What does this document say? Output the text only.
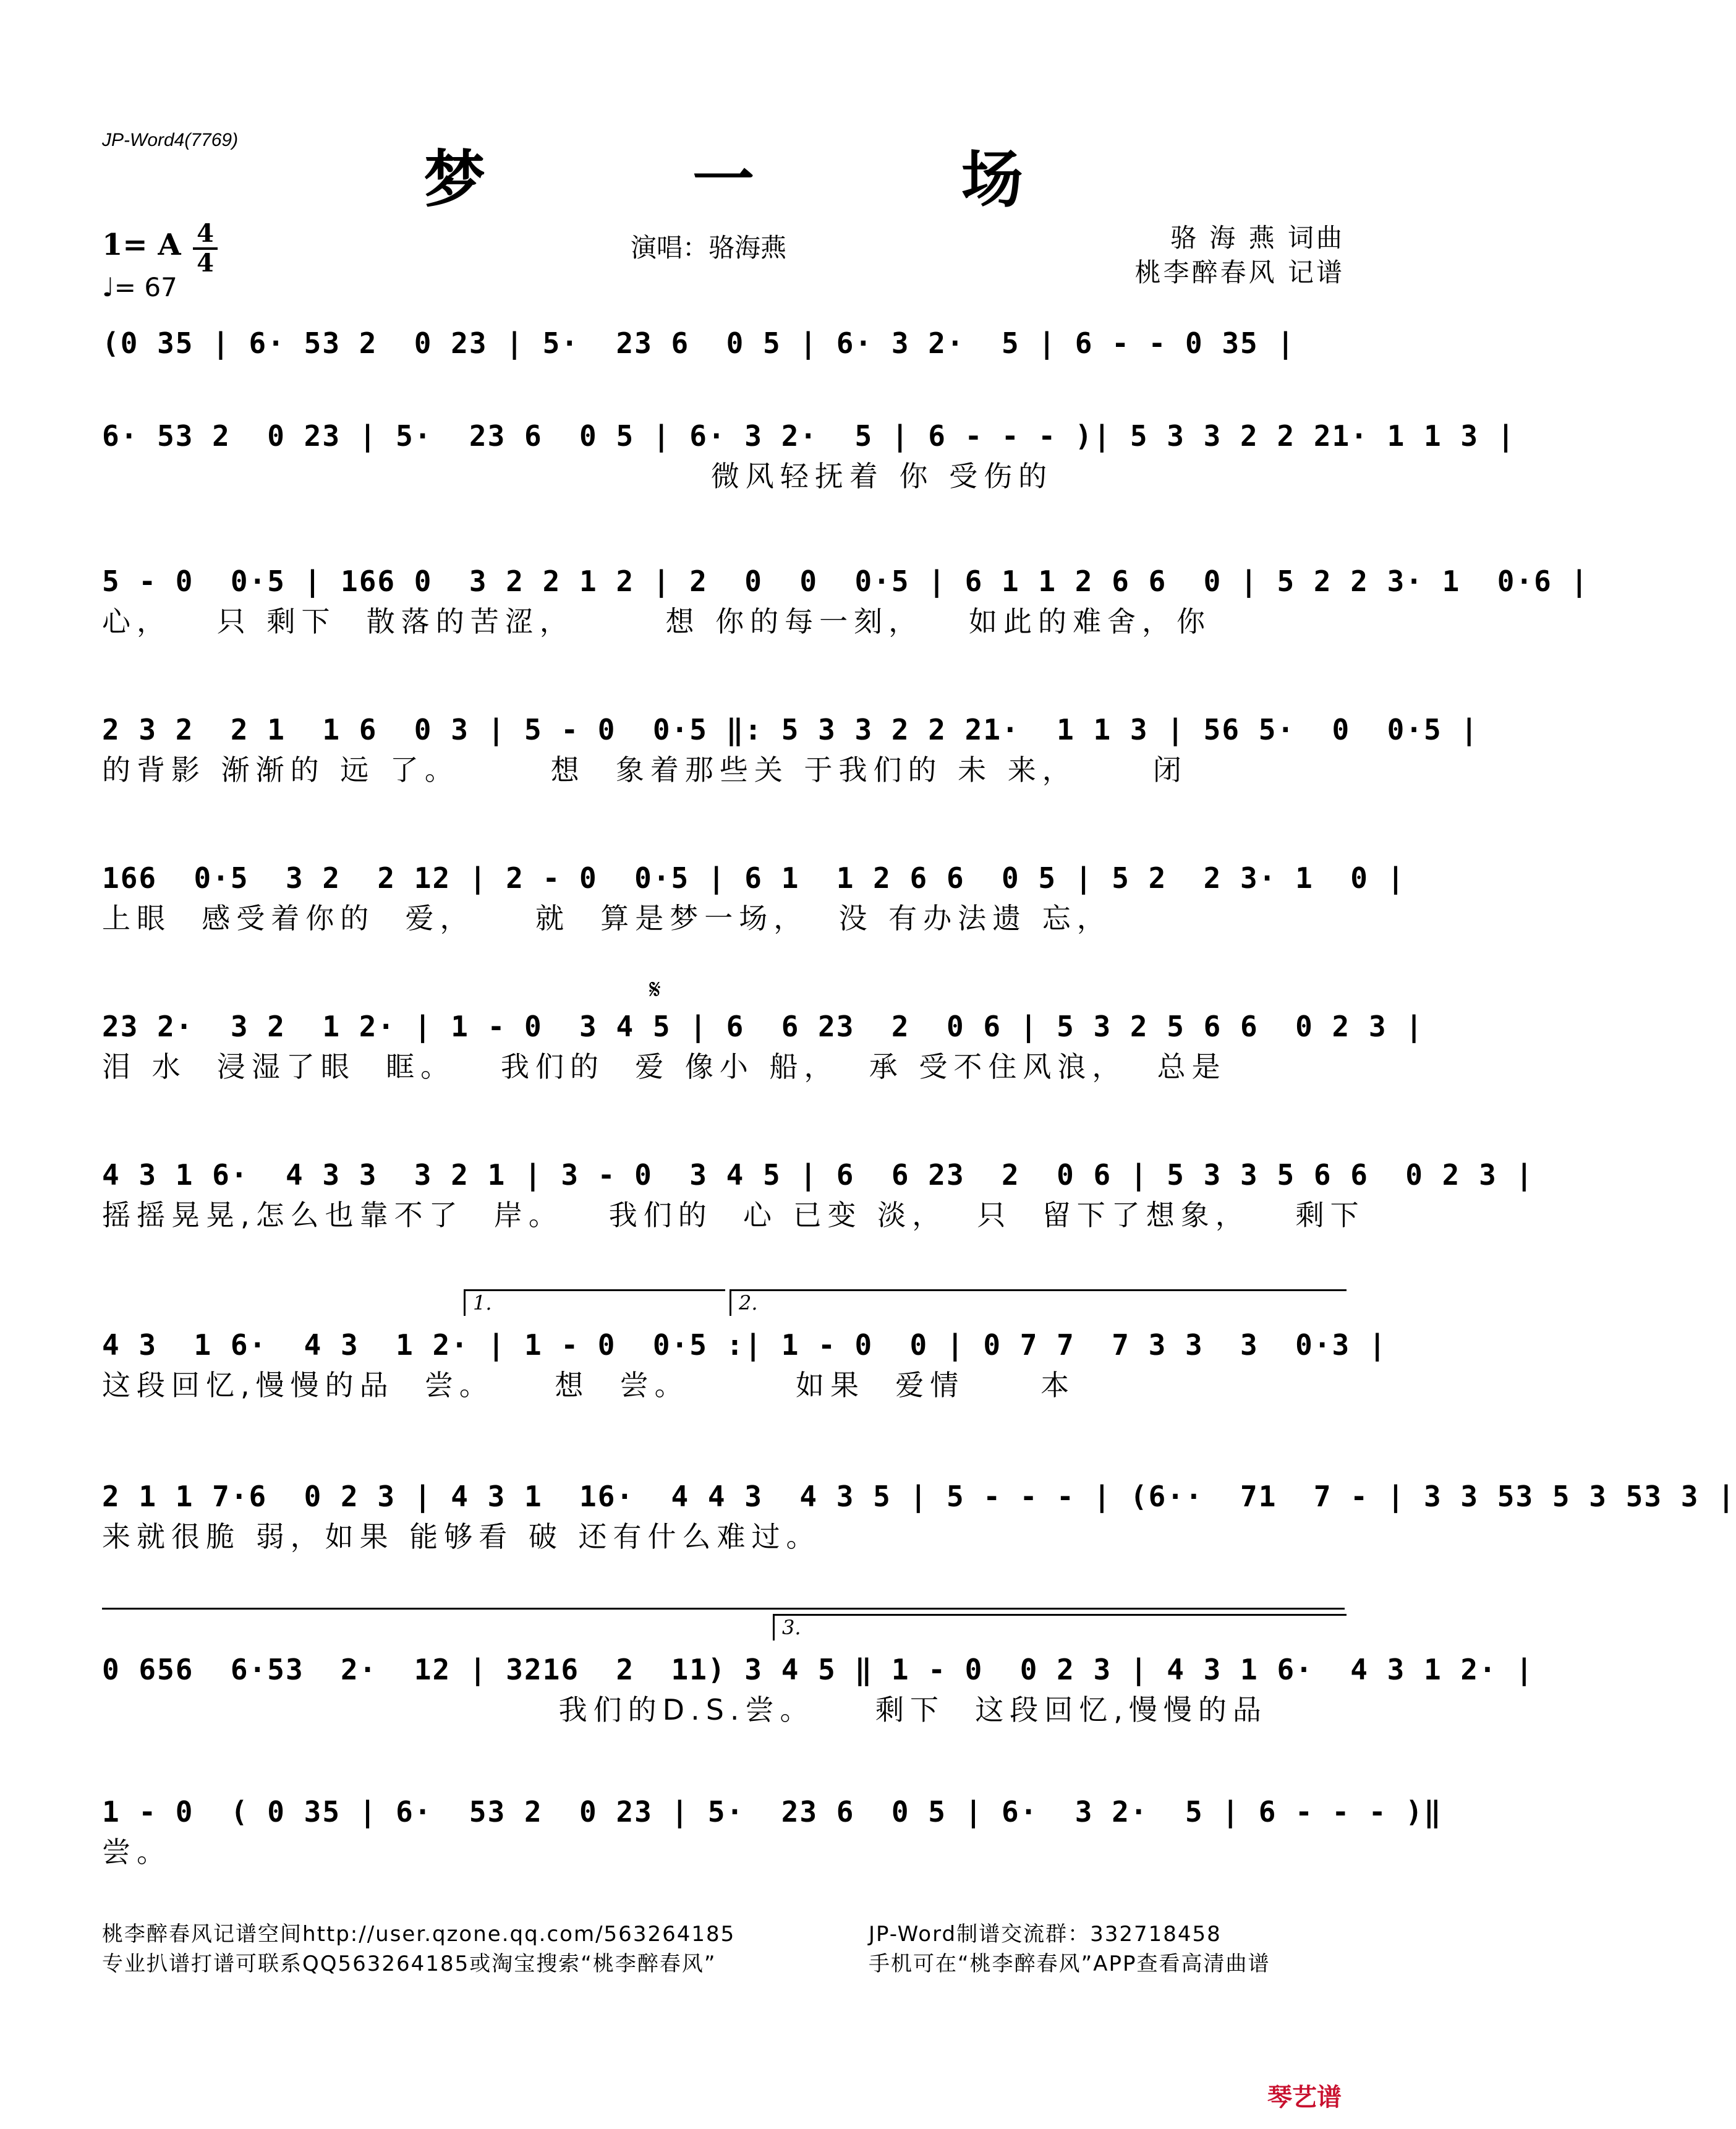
JP-Word4(7769)
梦 一 场
1= A 4
4
♩= 67
演唱：骆海燕	骆 海 燕 词曲
桃李醉春风 记谱
(0 35 | 6· 53 2  0 23 | 5·  23 6  0 5 | 6· 3 2·  5 | 6 - - 0 35 |
6· 53 2  0 23 | 5·  23 6  0 5 | 6· 3 2·  5 | 6 - - - )| 5 3 3 2 2 21· 1 1 3 |
微风轻抚着 你 受伤的
5 - 0  0·5 | 166 0  3 2 2 1 2 | 2  0  0  0·5 | 6 1 1 2 6 6  0 | 5 2 2 3· 1  0·6 |
心，   只 剩下  散落的苦涩，      想 你的每一刻，   如此的难舍，你
2 3 2  2 1  1 6  0 3 | 5 - 0  0·5 ‖: 5 3 3 2 2 21·  1 1 3 | 56 5·  0  0·5 |
的背影 渐渐的 远 了。      想  象着那些关 于我们的 未 来，     闭
166  0·5  3 2  2 12 | 2 - 0  0·5 | 6 1  1 2 6 6  0 5 | 5 2  2 3· 1  0 |
上眼  感受着你的  爱，    就  算是梦一场，  没 有办法遗 忘，
𝄋
23 2·  3 2  1 2· | 1 - 0  3 4 5 | 6  6 23  2  0 6 | 5 3 2 5 6 6  0 2 3 |
泪 水  浸湿了眼  眶。   我们的  爱 像小 船，  承 受不住风浪，  总是
4 3 1 6·  4 3 3  3 2 1 | 3 - 0  3 4 5 | 6  6 23  2  0 6 | 5 3 3 5 6 6  0 2 3 |
摇摇晃晃,怎么也靠不了  岸。   我们的  心 已变 淡，  只  留下了想象，   剩下
1.	2.
4 3  1 6·  4 3  1 2· | 1 - 0  0·5 :| 1 - 0  0 | 0 7 7  7 3 3  3  0·3 |
这段回忆,慢慢的品  尝。    想  尝。       如果  爱情     本
2 1 1 7·6  0 2 3 | 4 3 1  16·  4 4 3  4 3 5 | 5 - - - | (6··  71  7 - | 3 3 53 5 3 53 3 |
来就很脆 弱，如果 能够看 破 还有什么难过。
3.
0 656  6·53  2·  12 | 3216  2  11) 3 4 5 ‖ 1 - 0  0 2 3 | 4 3 1 6·  4 3 1 2· |
我们的D.S.尝。    剩下  这段回忆,慢慢的品
1 - 0  ( 0 35 | 6·  53 2  0 23 | 5·  23 6  0 5 | 6·  3 2·  5 | 6 - - - )‖
尝。
桃李醉春风记谱空间http://user.qzone.qq.com/563264185
专业扒谱打谱可联系QQ563264185或淘宝搜索“桃李醉春风”
JP-Word制谱交流群：332718458
手机可在“桃李醉春风”APP查看高清曲谱
琴艺谱
